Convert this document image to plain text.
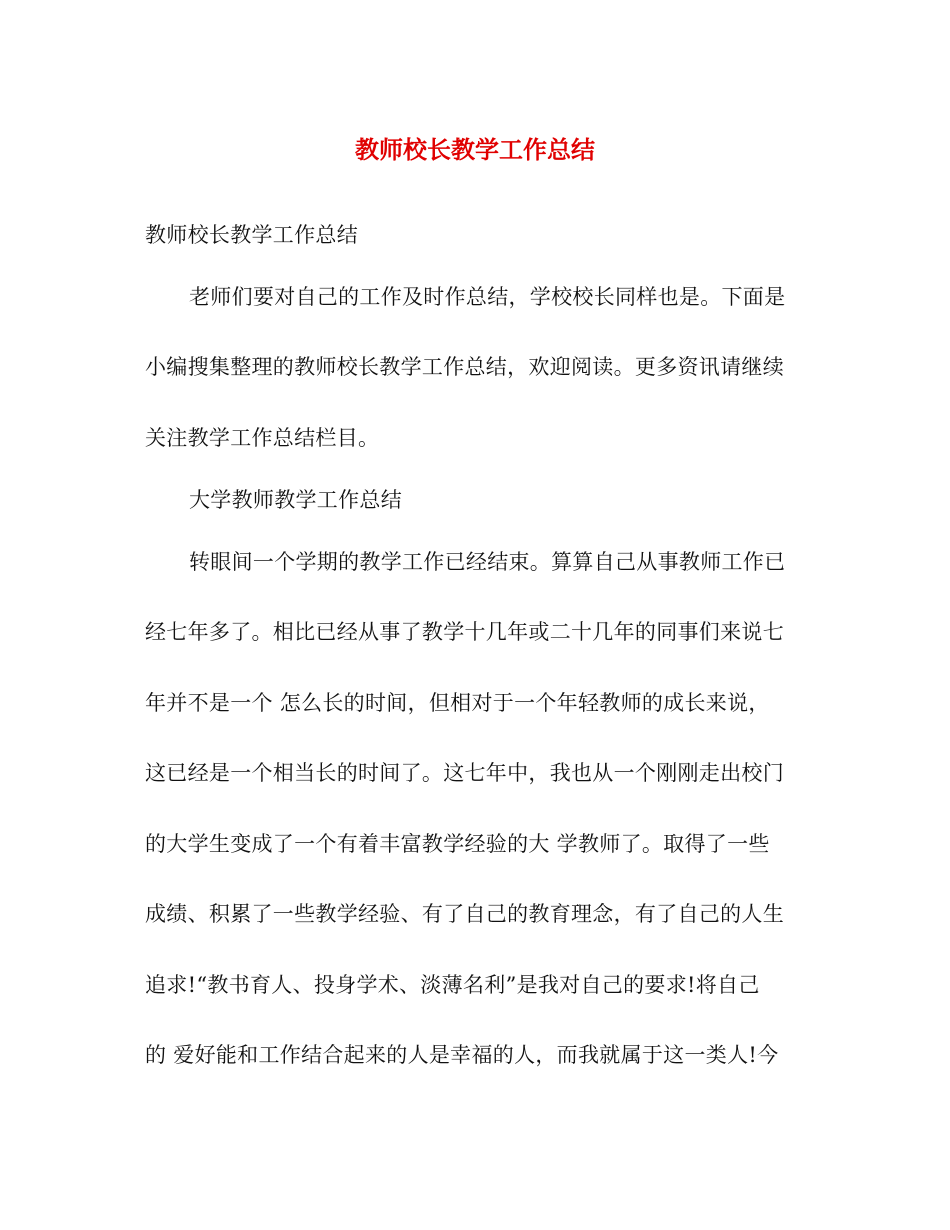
教师校长教学工作总结

教师校长教学工作总结

老师们要对自己的工作及时作总结，学校校长同样也是。下面是

小编搜集整理的教师校长教学工作总结，欢迎阅读。更多资讯请继续

关注教学工作总结栏目。

大学教师教学工作总结

转眼间一个学期的教学工作已经结束。算算自己从事教师工作已

经七年多了。相比已经从事了教学十几年或二十几年的同事们来说七

年并不是一个 怎么长的时间，但相对于一个年轻教师的成长来说，

这已经是一个相当长的时间了。这七年中，我也从一个刚刚走出校门

的大学生变成了一个有着丰富教学经验的大 学教师了。取得了一些

成绩、积累了一些教学经验、有了自己的教育理念，有了自己的人生

追求!“教书育人、投身学术、淡薄名利”是我对自己的要求!将自己

的 爱好能和工作结合起来的人是幸福的人，而我就属于这一类人!今
